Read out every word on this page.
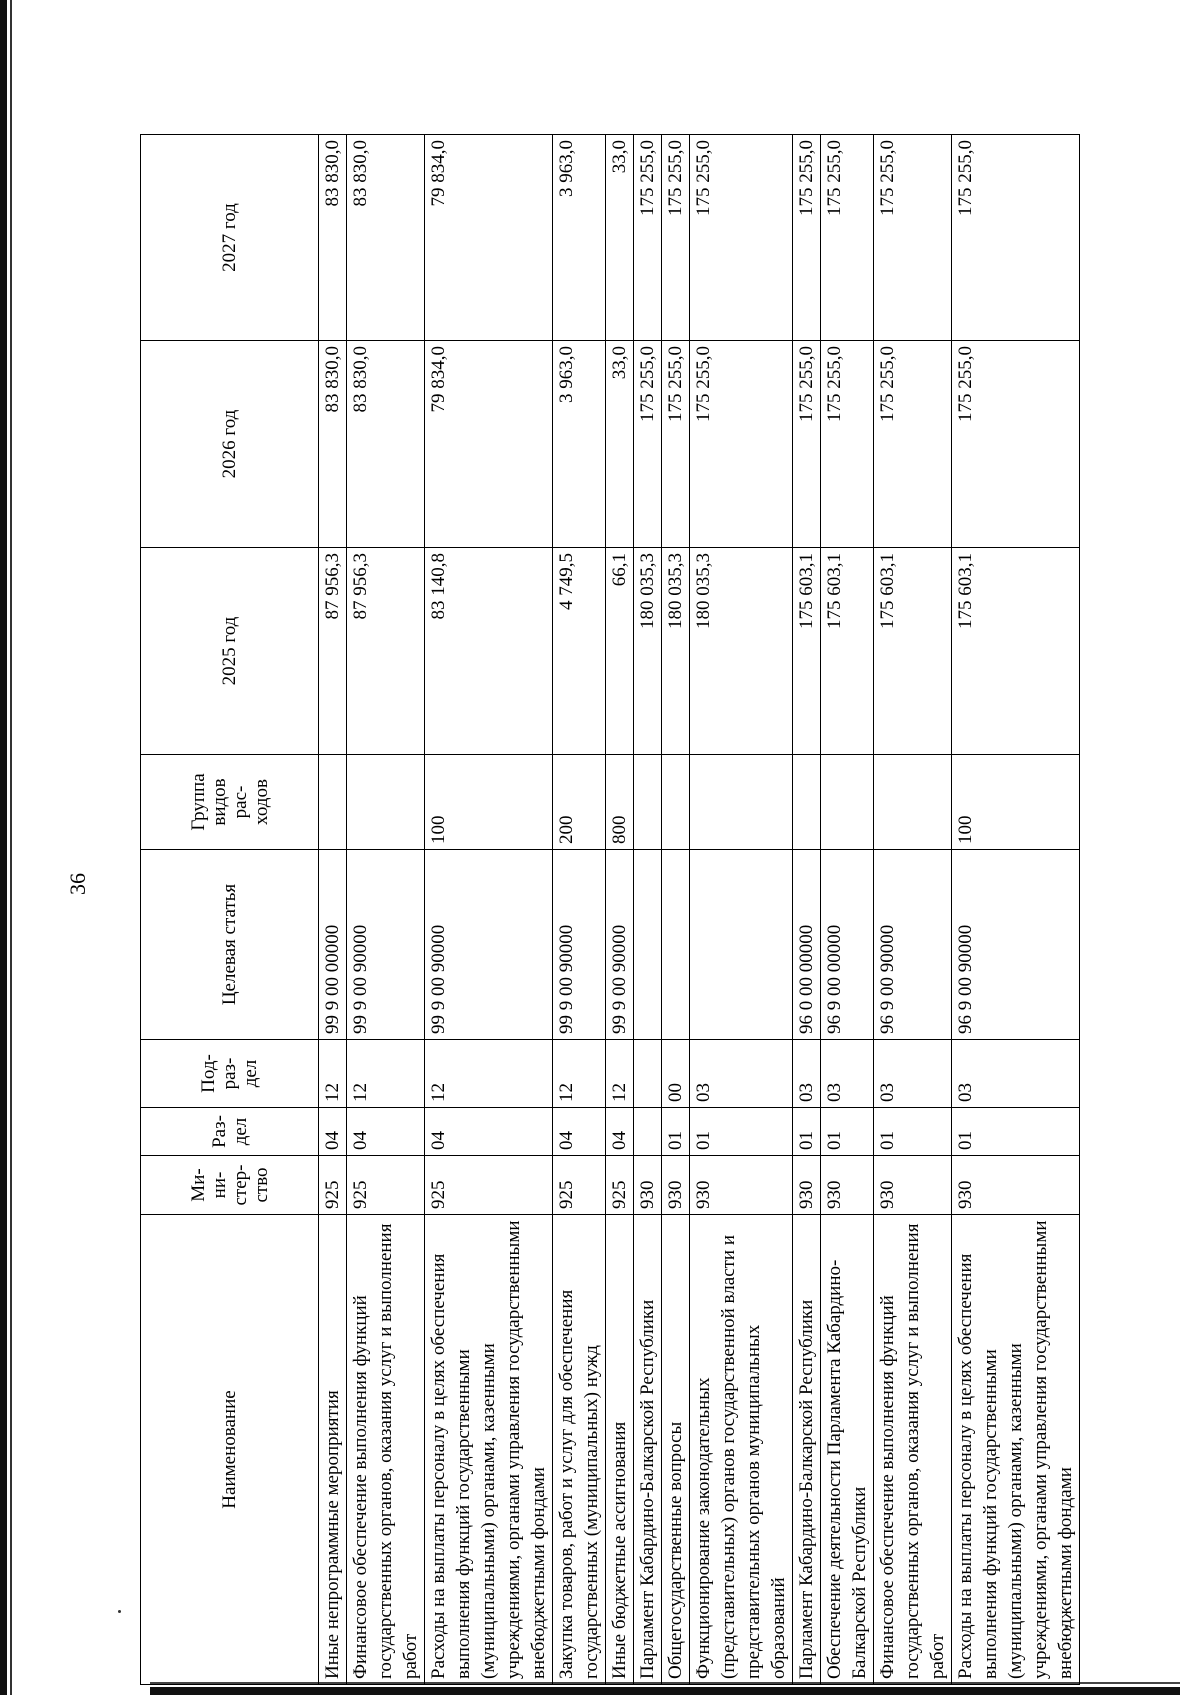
36
Наименование	Ми-
ни-
стер-
ство	Раз-
дел	Под-
раз-
дел	Целевая статья	Группа
видов
рас-
ходов	2025 год	2026 год	2027 год
Иные непрограммные мероприятия	925	04	12	99 9 00 00000		87 956,3	83 830,0	83 830,0
Финансовое обеспечение выполнения функций государственных органов, оказания услуг и выполнения работ	925	04	12	99 9 00 90000		87 956,3	83 830,0	83 830,0
Расходы на выплаты персоналу в целях обеспечения выполнения функций государственными (муниципальными) органами, казенными учреждениями, органами управления государственными внебюджетными фондами	925	04	12	99 9 00 90000	100	83 140,8	79 834,0	79 834,0
Закупка товаров, работ и услуг для обеспечения государственных (муниципальных) нужд	925	04	12	99 9 00 90000	200	4 749,5	3 963,0	3 963,0
Иные бюджетные ассигнования	925	04	12	99 9 00 90000	800	66,1	33,0	33,0
Парламент Кабардино-Балкарской Республики	930					180 035,3	175 255,0	175 255,0
Общегосударственные вопросы	930	01	00			180 035,3	175 255,0	175 255,0
Функционирование законодательных (представительных) органов государственной власти и представительных органов муниципальных образований	930	01	03			180 035,3	175 255,0	175 255,0
Парламент Кабардино-Балкарской Республики	930	01	03	96 0 00 00000		175 603,1	175 255,0	175 255,0
Обеспечение деятельности Парламента Кабардино-Балкарской Республики	930	01	03	96 9 00 00000		175 603,1	175 255,0	175 255,0
Финансовое обеспечение выполнения функций государственных органов, оказания услуг и выполнения работ	930	01	03	96 9 00 90000		175 603,1	175 255,0	175 255,0
Расходы на выплаты персоналу в целях обеспечения выполнения функций государственными (муниципальными) органами, казенными учреждениями, органами управления государственными внебюджетными фондами	930	01	03	96 9 00 90000	100	175 603,1	175 255,0	175 255,0
